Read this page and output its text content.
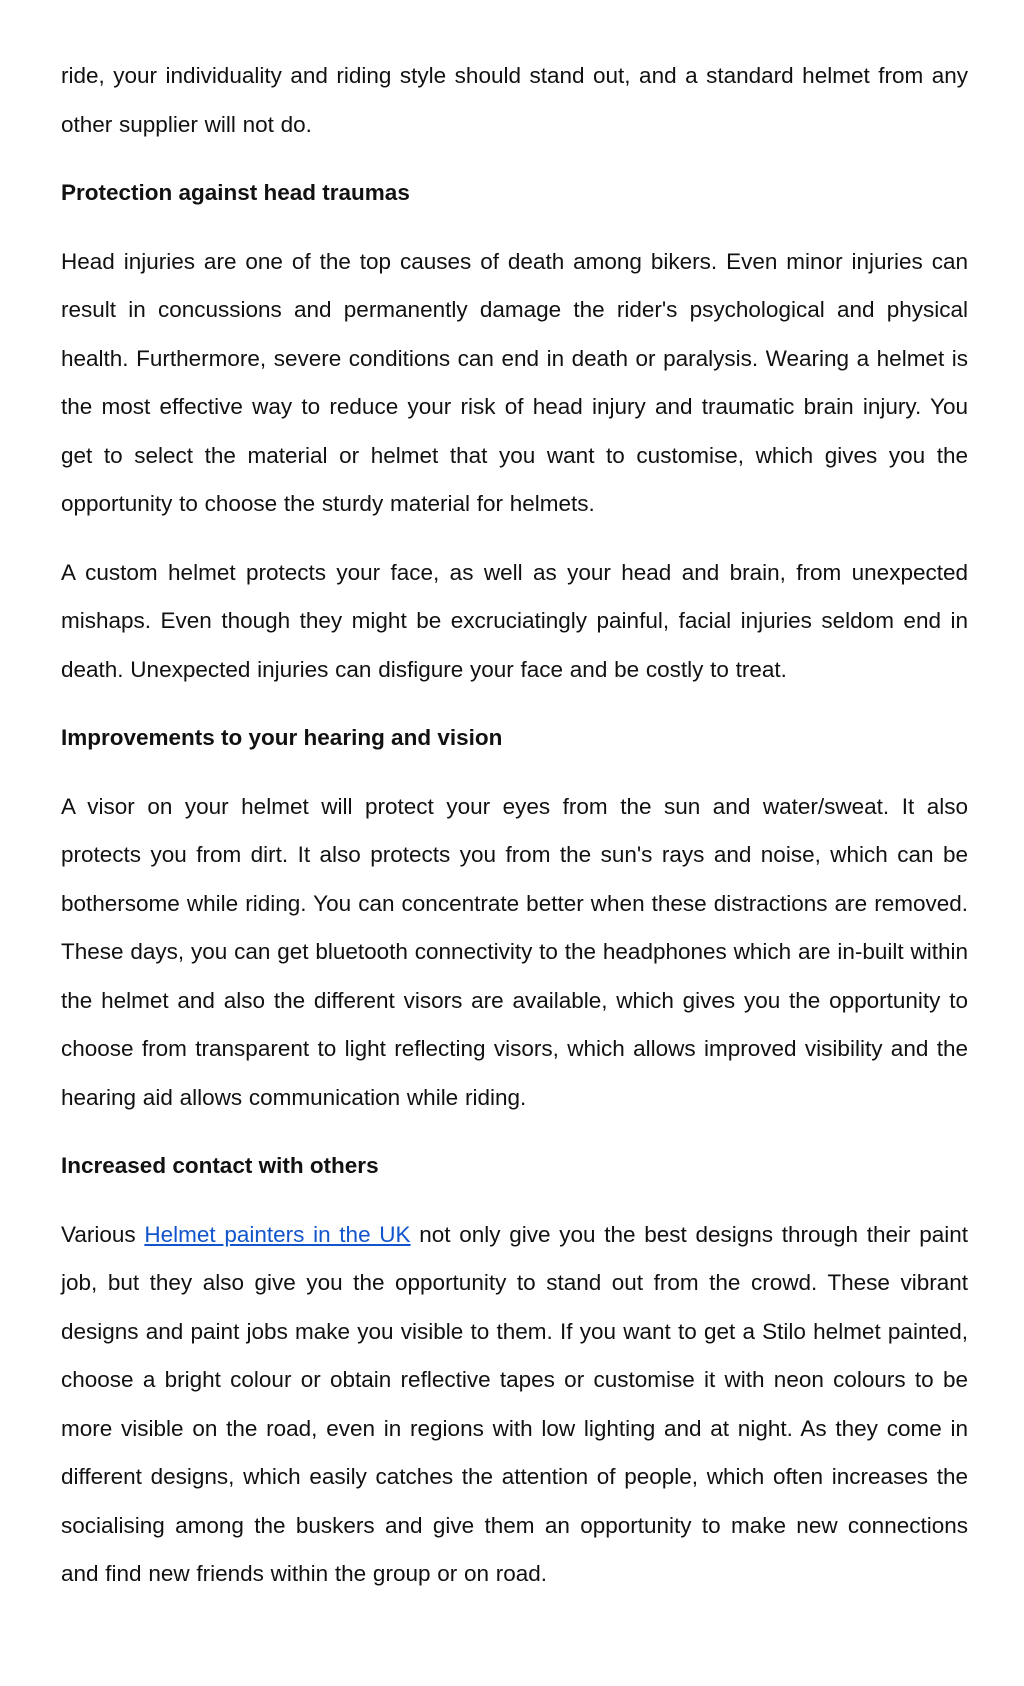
ride, your individuality and riding style should stand out, and a standard helmet from any other supplier will not do.

Protection against head traumas

Head injuries are one of the top causes of death among bikers. Even minor injuries can result in concussions and permanently damage the rider's psychological and physical health. Furthermore, severe conditions can end in death or paralysis. Wearing a helmet is the most effective way to reduce your risk of head injury and traumatic brain injury. You get to select the material or helmet that you want to customise, which gives you the opportunity to choose the sturdy material for helmets.

A custom helmet protects your face, as well as your head and brain, from unexpected mishaps. Even though they might be excruciatingly painful, facial injuries seldom end in death. Unexpected injuries can disfigure your face and be costly to treat.

Improvements to your hearing and vision

A visor on your helmet will protect your eyes from the sun and water/sweat. It also protects you from dirt. It also protects you from the sun's rays and noise, which can be bothersome while riding. You can concentrate better when these distractions are removed. These days, you can get bluetooth connectivity to the headphones which are in-built within the helmet and also the different visors are available, which gives you the opportunity to choose from transparent to light reflecting visors, which allows improved visibility and the hearing aid allows communication while riding.

Increased contact with others

Various Helmet painters in the UK not only give you the best designs through their paint job, but they also give you the opportunity to stand out from the crowd. These vibrant designs and paint jobs make you visible to them. If you want to get a Stilo helmet painted, choose a bright colour or obtain reflective tapes or customise it with neon colours to be more visible on the road, even in regions with low lighting and at night. As they come in different designs, which easily catches the attention of people, which often increases the socialising among the buskers and give them an opportunity to make new connections and find new friends within the group or on road.
